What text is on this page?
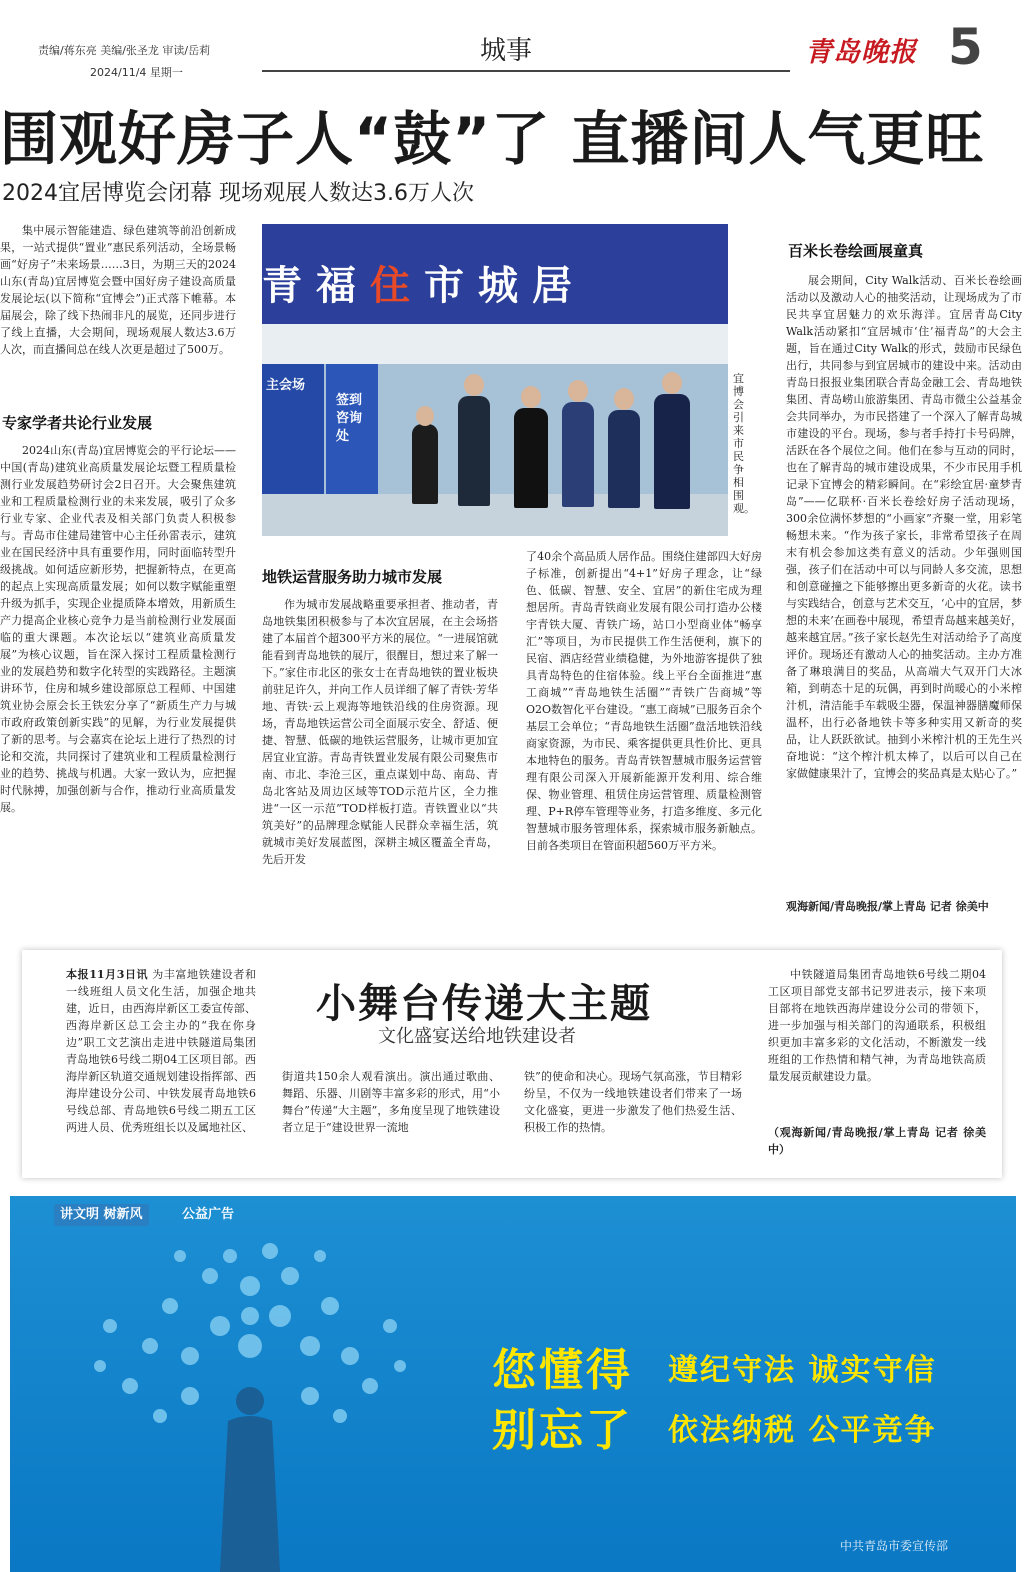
责编/蒋东亮 美编/张圣龙 审读/岳莉
2024/11/4 星期一
城事	青岛晚报 5
围观好房子人“鼓”了 直播间人气更旺
2024宜居博览会闭幕 现场观展人数达3.6万人次
集中展示智能建造、绿色建筑等前沿创新成果，一站式提供“置业”惠民系列活动，全场景畅画“好房子”未来场景……3日，为期三天的2024山东(青岛)宜居博览会暨中国好房子建设高质量发展论坛(以下简称“宜博会”)正式落下帷幕。本届展会，除了线下热闹非凡的展览，还同步进行了线上直播，大会期间，现场观展人数达3.6万人次，而直播间总在线人次更是超过了500万。
专家学者共论行业发展
2024山东(青岛)宜居博览会的平行论坛——中国(青岛)建筑业高质量发展论坛暨工程质量检测行业发展趋势研讨会2日召开。大会聚焦建筑业和工程质量检测行业的未来发展，吸引了众多行业专家、企业代表及相关部门负责人积极参与。青岛市住建局建管中心主任孙雷表示，建筑业在国民经济中具有重要作用，同时面临转型升级挑战。如何适应新形势，把握新特点，在更高的起点上实现高质量发展；如何以数字赋能重塑升级为抓手，实现企业提质降本增效，用新质生产力提高企业核心竞争力是当前检测行业发展面临的重大课题。本次论坛以“建筑业高质量发展”为核心议题，旨在深入探讨工程质量检测行业的发展趋势和数字化转型的实践路径。主题演讲环节，住房和城乡建设部原总工程师、中国建筑业协会原会长王铁宏分享了“新质生产力与城市政府政策创新实践”的见解，为行业发展提供了新的思考。与会嘉宾在论坛上进行了热烈的讨论和交流，共同探讨了建筑业和工程质量检测行业的趋势、挑战与机遇。大家一致认为，应把握时代脉搏，加强创新与合作，推动行业高质量发展。
青福住市城居
主会场
签到咨询处
宜博会引来市民争相围观。
地铁运营服务助力城市发展
作为城市发展战略重要承担者、推动者，青岛地铁集团积极参与了本次宜居展，在主会场搭建了本届首个超300平方米的展位。“一进展馆就能看到青岛地铁的展厅，很醒目，想过来了解一下。”家住市北区的张女士在青岛地铁的置业板块前驻足许久，并向工作人员详细了解了青铁·芳华地、青铁·云上观海等地铁沿线的住房资源。现场，青岛地铁运营公司全面展示安全、舒适、便捷、智慧、低碳的地铁运营服务，让城市更加宜居宜业宜游。青岛青铁置业发展有限公司聚焦市南、市北、李沧三区，重点谋划中岛、南岛、青岛北客站及周边区域等TOD示范片区，全力推进“一区一示范”TOD样板打造。青铁置业以“共筑美好”的品牌理念赋能人民群众幸福生活，筑就城市美好发展蓝图，深耕主城区覆盖全青岛，先后开发
了40余个高品质人居作品。围绕住建部四大好房子标准，创新提出“4+1”好房子理念，让“绿色、低碳、智慧、安全、宜居”的新住宅成为理想居所。青岛青铁商业发展有限公司打造办公楼宇青铁大厦、青铁广场，站口小型商业体“畅享汇”等项目，为市民提供工作生活便利，旗下的民宿、酒店经营业绩稳健，为外地游客提供了独具青岛特色的住宿体验。线上平台全面推进“惠工商城”“青岛地铁生活圈”“青铁广告商城”等O2O数智化平台建设。“惠工商城”已服务百余个基层工会单位；“青岛地铁生活圈”盘活地铁沿线商家资源，为市民、乘客提供更具性价比、更具本地特色的服务。青岛青铁智慧城市服务运营管理有限公司深入开展新能源开发利用、综合维保、物业管理、租赁住房运营管理、质量检测管理、P+R停车管理等业务，打造多维度、多元化智慧城市服务管理体系，探索城市服务新触点。目前各类项目在管面积超560万平方米。
百米长卷绘画展童真
展会期间，City Walk活动、百米长卷绘画活动以及激动人心的抽奖活动，让现场成为了市民共享宜居魅力的欢乐海洋。宜居青岛City Walk活动紧扣“宜居城市‘住’福青岛”的大会主题，旨在通过City Walk的形式，鼓励市民绿色出行，共同参与到宜居城市的建设中来。活动由青岛日报报业集团联合青岛金融工会、青岛地铁集团、青岛崂山旅游集团、青岛市微尘公益基金会共同举办，为市民搭建了一个深入了解青岛城市建设的平台。现场，参与者手持打卡号码牌，活跃在各个展位之间。他们在参与互动的同时，也在了解青岛的城市建设成果，不少市民用手机记录下宜博会的精彩瞬间。在“彩绘宜居·童梦青岛”——亿联杯·百米长卷绘好房子活动现场，300余位满怀梦想的“小画家”齐聚一堂，用彩笔畅想未来。“作为孩子家长，非常希望孩子在周末有机会参加这类有意义的活动。少年强则国强，孩子们在活动中可以与同龄人多交流，思想和创意碰撞之下能够擦出更多新奇的火花。读书与实践结合，创意与艺术交互，‘心中的宜居，梦想的未来’在画卷中展现，希望青岛越来越美好，越来越宜居。”孩子家长赵先生对活动给予了高度评价。现场还有激动人心的抽奖活动。主办方准备了琳琅满目的奖品，从高端大气双开门大冰箱，到萌态十足的玩偶，再到时尚暖心的小米榨汁机，清洁能手车载吸尘器，保温神器膳魔师保温杯，出行必备地铁卡等多种实用又新奇的奖品，让人跃跃欲试。抽到小米榨汁机的王先生兴奋地说：“这个榨汁机太棒了，以后可以自己在家做健康果汁了，宜博会的奖品真是太贴心了。”
观海新闻/青岛晚报/掌上青岛 记者 徐美中
小舞台传递大主题
文化盛宴送给地铁建设者
本报11月3日讯 为丰富地铁建设者和一线班组人员文化生活，加强企地共建，近日，由西海岸新区工委宣传部、西海岸新区总工会主办的“我在你身边”职工文艺演出走进中铁隧道局集团青岛地铁6号线二期04工区项目部。西海岸新区轨道交通规划建设指挥部、西海岸建设分公司、中铁发展青岛地铁6号线总部、青岛地铁6号线二期五工区两进人员、优秀班组长以及属地社区、
街道共150余人观看演出。演出通过歌曲、舞蹈、乐器、川剧等丰富多彩的形式，用“小舞台”传递“大主题”，多角度呈现了地铁建设者立足于“建设世界一流地
铁”的使命和决心。现场气氛高涨，节目精彩纷呈，不仅为一线地铁建设者们带来了一场文化盛宴，更进一步激发了他们热爱生活、积极工作的热情。
中铁隧道局集团青岛地铁6号线二期04工区项目部党支部书记罗进表示，接下来项目部将在地铁西海岸建设分公司的带领下，进一步加强与相关部门的沟通联系，积极组织更加丰富多彩的文化活动，不断激发一线班组的工作热情和精气神，为青岛地铁高质量发展贡献建设力量。
（观海新闻/青岛晚报/掌上青岛 记者 徐美中）
讲文明 树新风	公益广告
您懂得 遵纪守法 诚实守信
别忘了 依法纳税 公平竞争
中共青岛市委宣传部
